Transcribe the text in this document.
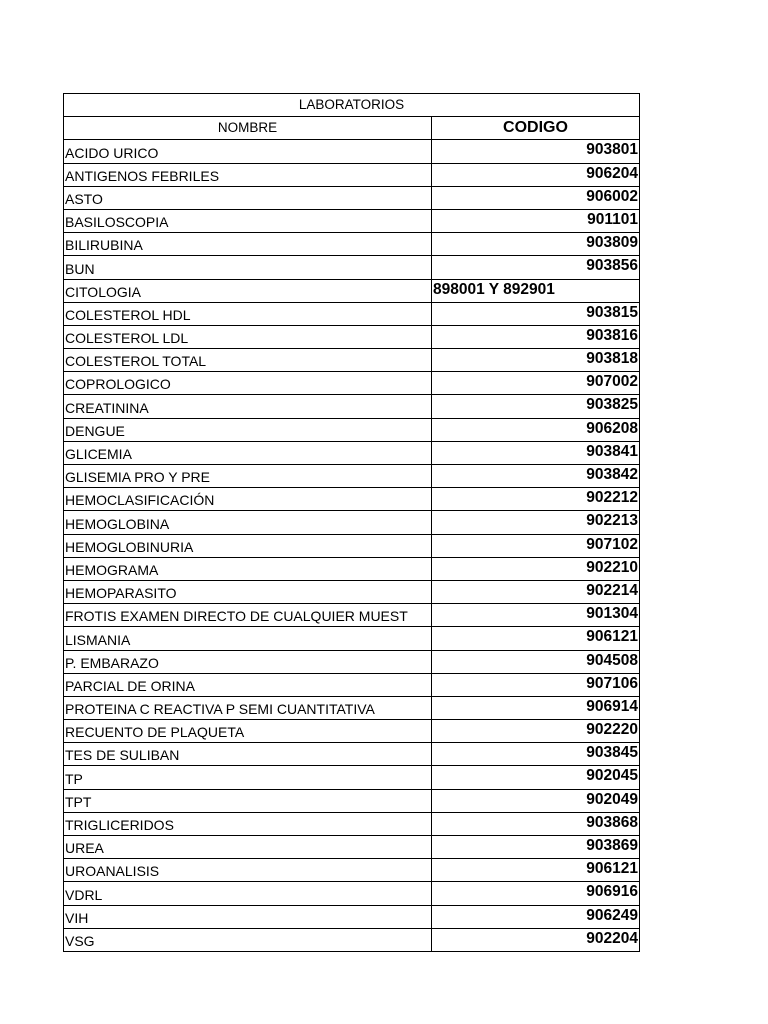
LABORATORIOS	
NOMBRE	CODIGO
ACIDO URICO	903801
ANTIGENOS FEBRILES	906204
ASTO	906002
BASILOSCOPIA	901101
BILIRUBINA	903809
BUN	903856
CITOLOGIA	898001 Y 892901
COLESTEROL HDL	903815
COLESTEROL LDL	903816
COLESTEROL TOTAL	903818
COPROLOGICO	907002
CREATININA	903825
DENGUE	906208
GLICEMIA	903841
GLISEMIA PRO Y PRE	903842
HEMOCLASIFICACIÓN	902212
HEMOGLOBINA	902213
HEMOGLOBINURIA	907102
HEMOGRAMA	902210
HEMOPARASITO	902214
FROTIS EXAMEN DIRECTO DE CUALQUIER MUEST	901304
LISMANIA	906121
P. EMBARAZO	904508
PARCIAL DE ORINA	907106
PROTEINA C REACTIVA P SEMI CUANTITATIVA	906914
RECUENTO DE PLAQUETA	902220
TES DE SULIBAN	903845
TP	902045
TPT	902049
TRIGLICERIDOS	903868
UREA	903869
UROANALISIS	906121
VDRL	906916
VIH	906249
VSG	902204
